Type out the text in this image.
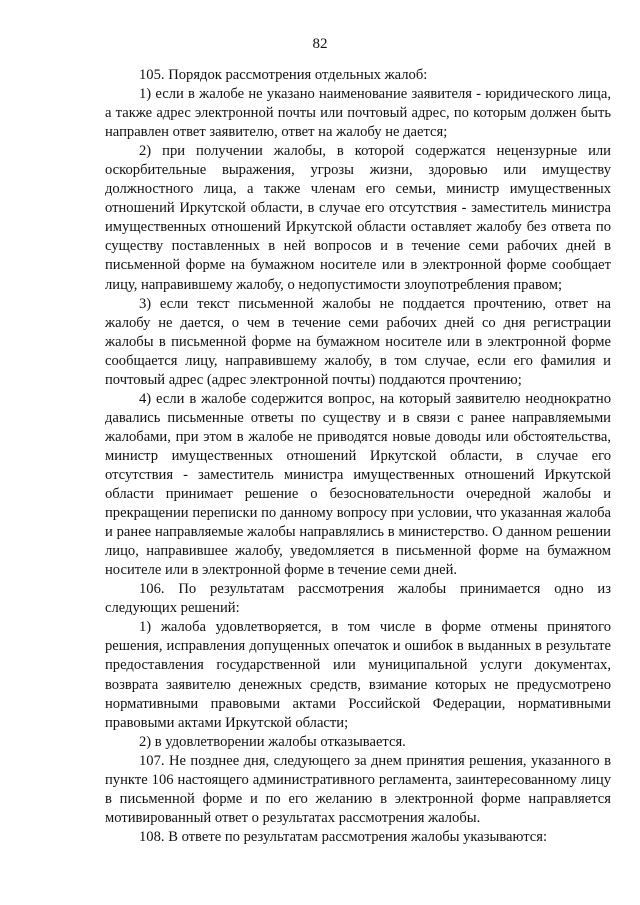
82

105. Порядок рассмотрения отдельных жалоб:

1) если в жалобе не указано наименование заявителя - юридического лица, а также адрес электронной почты или почтовый адрес, по которым должен быть направлен ответ заявителю, ответ на жалобу не дается;

2) при получении жалобы, в которой содержатся нецензурные или оскорбительные выражения, угрозы жизни, здоровью или имуществу должностного лица, а также членам его семьи, министр имущественных отношений Иркутской области, в случае его отсутствия - заместитель министра имущественных отношений Иркутской области оставляет жалобу без ответа по существу поставленных в ней вопросов и в течение семи рабочих дней в письменной форме на бумажном носителе или в электронной форме сообщает лицу, направившему жалобу, о недопустимости злоупотребления правом;

3) если текст письменной жалобы не поддается прочтению, ответ на жалобу не дается, о чем в течение семи рабочих дней со дня регистрации жалобы в письменной форме на бумажном носителе или в электронной форме сообщается лицу, направившему жалобу, в том случае, если его фамилия и почтовый адрес (адрес электронной почты) поддаются прочтению;

4) если в жалобе содержится вопрос, на который заявителю неоднократно давались письменные ответы по существу и в связи с ранее направляемыми жалобами, при этом в жалобе не приводятся новые доводы или обстоятельства, министр имущественных отношений Иркутской области, в случае его отсутствия - заместитель министра имущественных отношений Иркутской области принимает решение о безосновательности очередной жалобы и прекращении переписки по данному вопросу при условии, что указанная жалоба и ранее направляемые жалобы направлялись в министерство. О данном решении лицо, направившее жалобу, уведомляется в письменной форме на бумажном носителе или в электронной форме в течение семи дней.

106. По результатам рассмотрения жалобы принимается одно из следующих решений:

1) жалоба удовлетворяется, в том числе в форме отмены принятого решения, исправления допущенных опечаток и ошибок в выданных в результате предоставления государственной или муниципальной услуги документах, возврата заявителю денежных средств, взимание которых не предусмотрено нормативными правовыми актами Российской Федерации, нормативными правовыми актами Иркутской области;

2) в удовлетворении жалобы отказывается.

107. Не позднее дня, следующего за днем принятия решения, указанного в пункте 106 настоящего административного регламента, заинтересованному лицу в письменной форме и по его желанию в электронной форме направляется мотивированный ответ о результатах рассмотрения жалобы.

108. В ответе по результатам рассмотрения жалобы указываются:
